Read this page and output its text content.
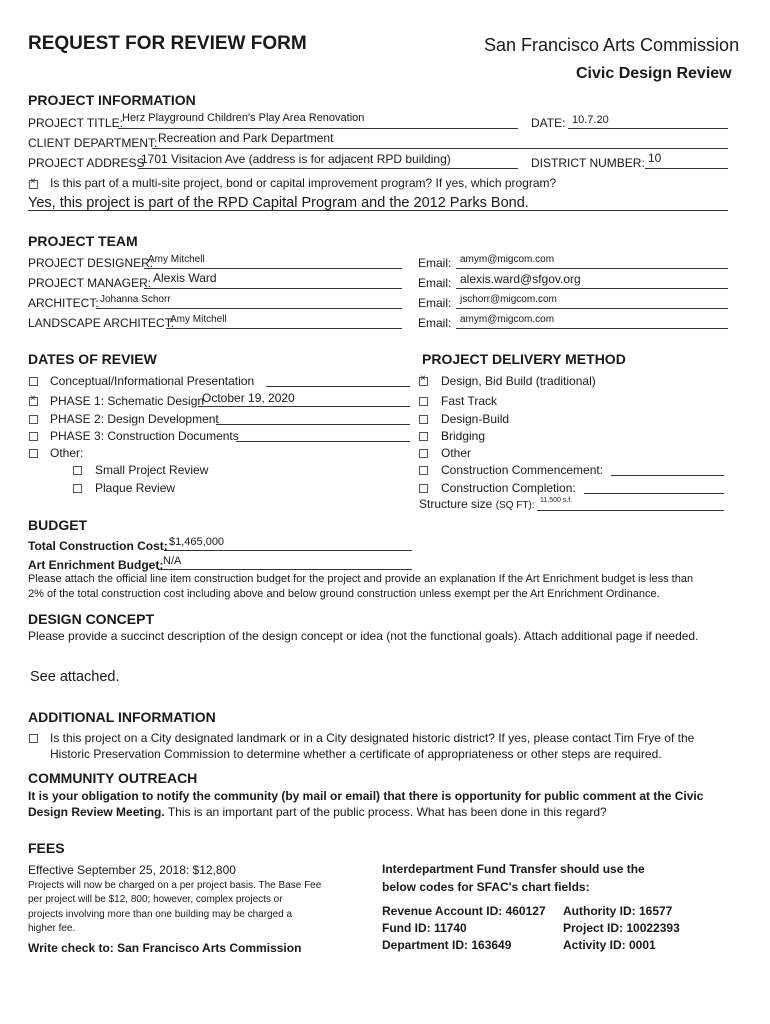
REQUEST FOR REVIEW FORM	San Francisco Arts Commission
Civic Design Review
PROJECT INFORMATION
PROJECT TITLE: Herz Playground Children's Play Area Renovation	DATE: 10.7.20
CLIENT DEPARTMENT: Recreation and Park Department
PROJECT ADDRESS
1701 Visitacion Ave (address is for adjacent RPD building)	DISTRICT NUMBER: 10
×
Is this part of a multi-site project, bond or capital improvement program? If yes, which program?
Yes, this project is part of the RPD Capital Program and the 2012 Parks Bond.
PROJECT TEAM
PROJECT DESIGNER:
Amy Mitchell	Email: amym@migcom.com
PROJECT MANAGER: Alexis Ward	Email: alexis.ward@sfgov.org
ARCHITECT: Johanna Schorr	Email: jschorr@migcom.com
LANDSCAPE ARCHITECT:
Amy Mitchell	Email: amym@migcom.com
DATES OF REVIEW
Conceptual/Informational Presentation
×
PHASE 1: Schematic Design
October 19, 2020
PHASE 2: Design Development
PHASE 3: Construction Documents
Other:
Small Project Review
Plaque Review
PROJECT DELIVERY METHOD
×
Design, Bid Build (traditional)
Fast Track
Design-Build
Bridging
Other
Construction Commencement:
Construction Completion:
Structure size (SQ FT): 11,500 s.f.
BUDGET
Total Construction Cost: $1,465,000
Art Enrichment Budget: N/A
Please attach the official line item construction budget for the project and provide an explanation If the Art Enrichment budget is less than
2% of the total construction cost including above and below ground construction unless exempt per the Art Enrichment Ordinance.
DESIGN CONCEPT
Please provide a succinct description of the design concept or idea (not the functional goals). Attach additional page if needed.
See attached.
ADDITIONAL INFORMATION
Is this project on a City designated landmark or in a City designated historic district? If yes, please contact Tim Frye of the
Historic Preservation Commission to determine whether a certificate of appropriateness or other steps are required.
COMMUNITY OUTREACH
It is your obligation to notify the community (by mail or email) that there is opportunity for public comment at the Civic
Design Review Meeting. This is an important part of the public process. What has been done in this regard?
FEES
Effective September 25, 2018: $12,800
Projects will now be charged on a per project basis. The Base Fee
per project will be $12, 800; however, complex projects or
projects involving more than one building may be charged a
higher fee.
Write check to: San Francisco Arts Commission
Interdepartment Fund Transfer should use the
below codes for SFAC's chart fields:
Revenue Account ID: 460127
Fund ID: 11740
Department ID: 163649
Authority ID: 16577
Project ID: 10022393
Activity ID: 0001
